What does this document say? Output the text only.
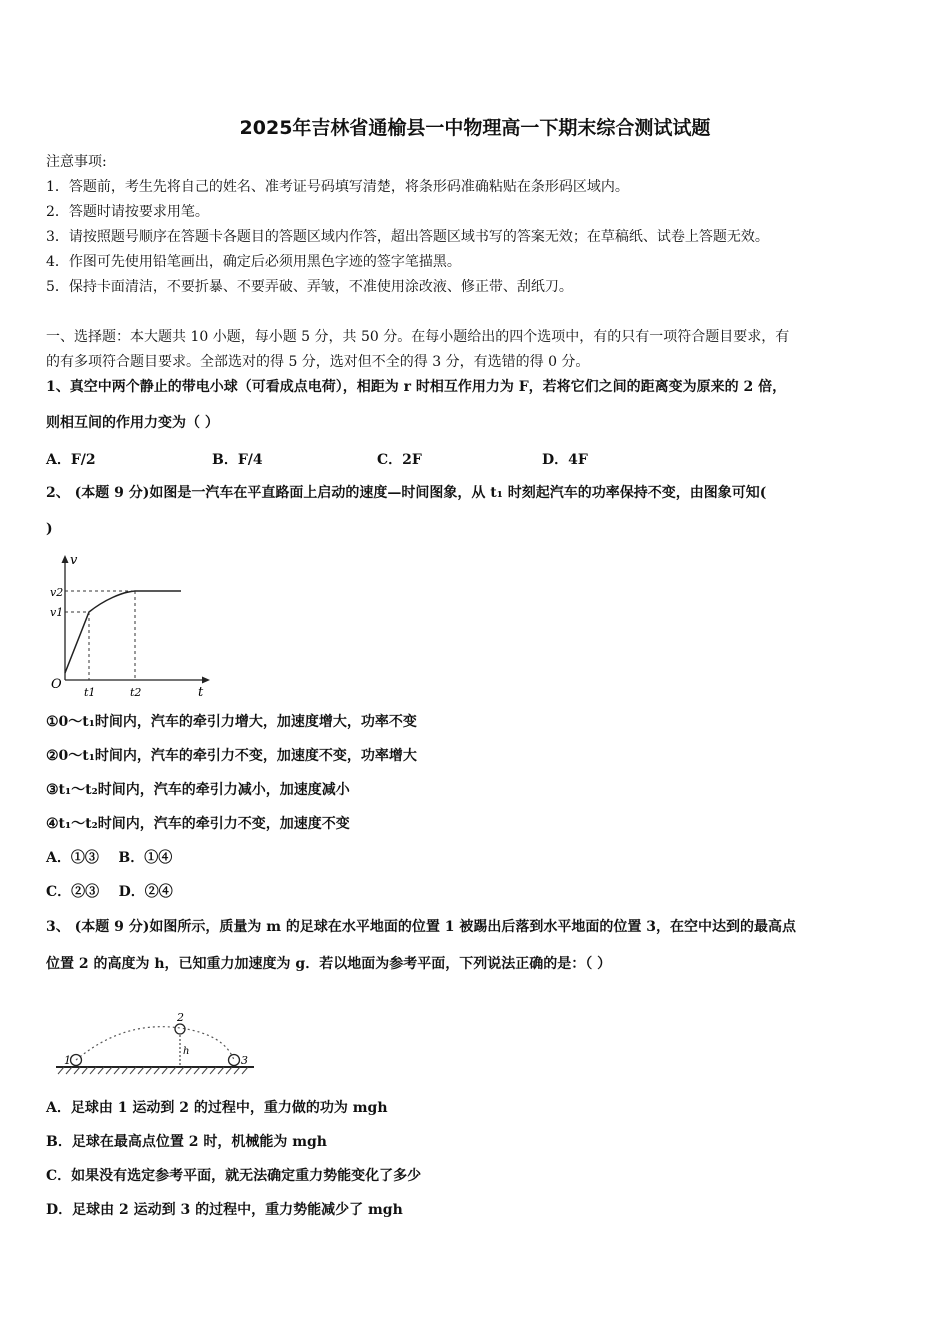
2025年吉林省通榆县一中物理高一下期末综合测试试题
注意事项:
1．答题前，考生先将自己的姓名、准考证号码填写清楚，将条形码准确粘贴在条形码区域内。
2．答题时请按要求用笔。
3．请按照题号顺序在答题卡各题目的答题区域内作答，超出答题区域书写的答案无效；在草稿纸、试卷上答题无效。
4．作图可先使用铅笔画出，确定后必须用黑色字迹的签字笔描黑。
5．保持卡面清洁，不要折暴、不要弄破、弄皱，不准使用涂改液、修正带、刮纸刀。
一、选择题：本大题共 10 小题，每小题 5 分，共 50 分。在每小题给出的四个选项中，有的只有一项符合题目要求，有
的有多项符合题目要求。全部选对的得 5 分，选对但不全的得 3 分，有选错的得 0 分。
1、真空中两个静止的带电小球（可看成点电荷），相距为 r 时相互作用力为 F，若将它们之间的距离变为原来的 2 倍，
则相互间的作用力变为（ ）
A．F/2	B．F/4	C．2F	D．4F
2、 (本题 9 分)如图是一汽车在平直路面上启动的速度—时间图象，从 t₁ 时刻起汽车的功率保持不变，由图象可知(
)
v
t
O
v2
v1
t1	t2
①0～t₁时间内，汽车的牵引力增大，加速度增大，功率不变
②0～t₁时间内，汽车的牵引力不变，加速度不变，功率增大
③t₁～t₂时间内，汽车的牵引力减小，加速度减小
④t₁～t₂时间内，汽车的牵引力不变，加速度不变
A．①③    B．①④
C．②③    D．②④
3、 (本题 9 分)如图所示，质量为 m 的足球在水平地面的位置 1 被踢出后落到水平地面的位置 3，在空中达到的最高点
位置 2 的高度为 h，已知重力加速度为 g．若以地面为参考平面，下列说法正确的是：（ ）
1
2
3
h
A．足球由 1 运动到 2 的过程中，重力做的功为 mgh
B．足球在最高点位置 2 时，机械能为 mgh
C．如果没有选定参考平面，就无法确定重力势能变化了多少
D．足球由 2 运动到 3 的过程中，重力势能减少了 mgh
